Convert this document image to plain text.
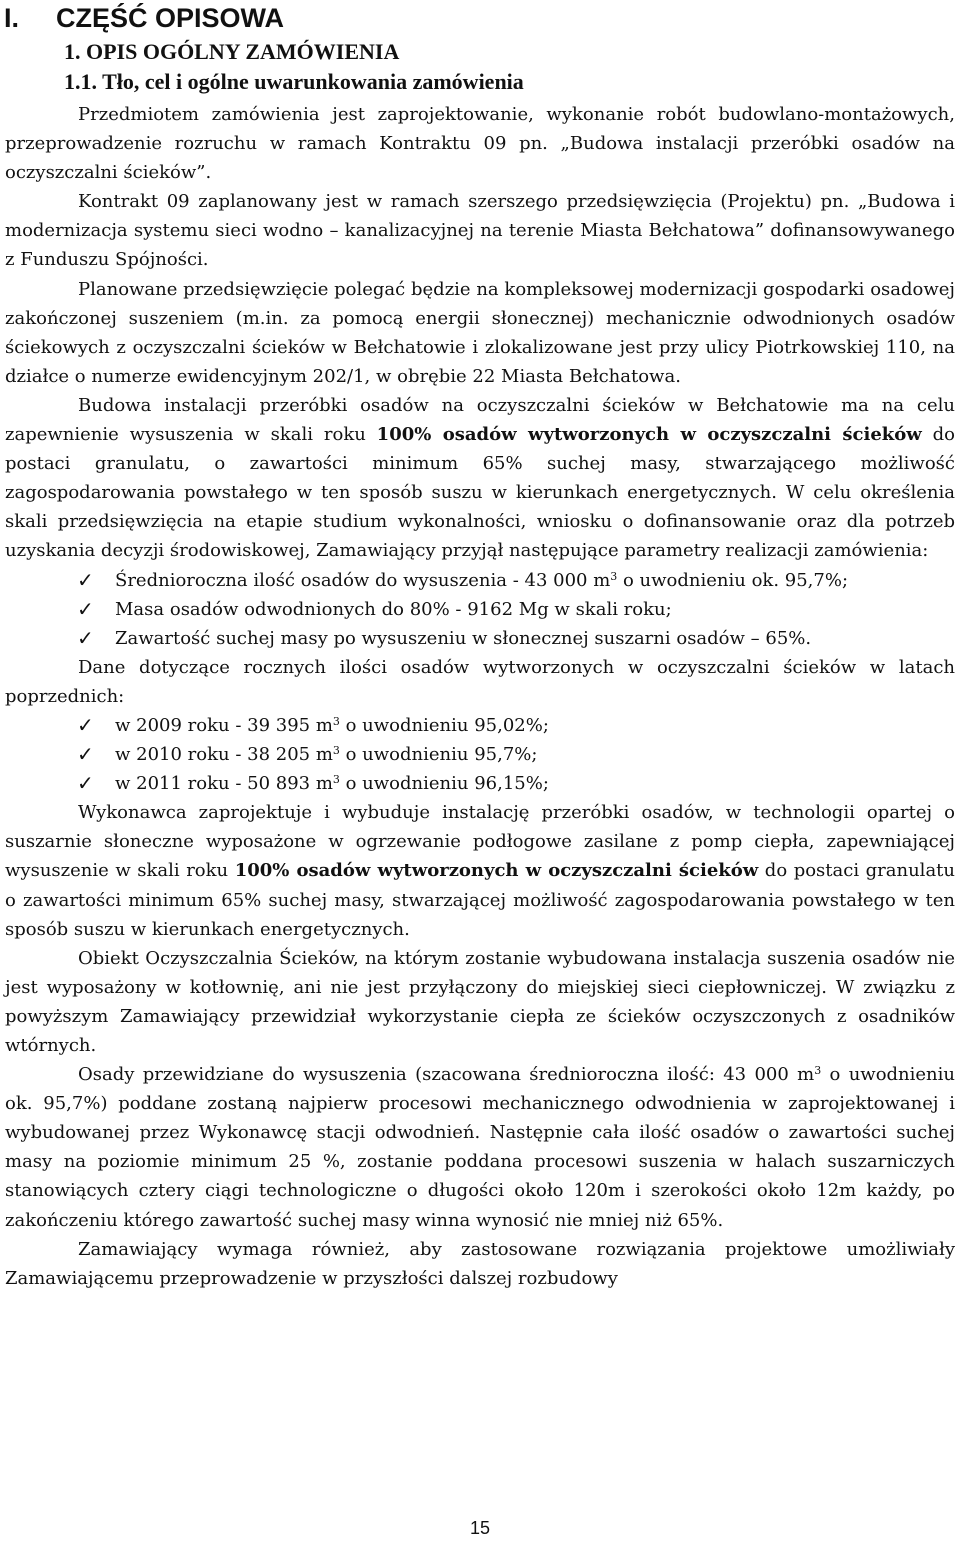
I. CZĘŚĆ OPISOWA
1. OPIS OGÓLNY ZAMÓWIENIA
1.1. Tło, cel i ogólne uwarunkowania zamówienia

Przedmiotem zamówienia jest zaprojektowanie, wykonanie robót budowlano-montażowych, przeprowadzenie rozruchu w ramach Kontraktu 09 pn. „Budowa instalacji przeróbki osadów na oczyszczalni ścieków”.

Kontrakt 09 zaplanowany jest w ramach szerszego przedsięwzięcia (Projektu) pn. „Budowa i modernizacja systemu sieci wodno – kanalizacyjnej na terenie Miasta Bełchatowa” dofinansowywanego z Funduszu Spójności.

Planowane przedsięwzięcie polegać będzie na kompleksowej modernizacji gospodarki osadowej zakończonej suszeniem (m.in. za pomocą energii słonecznej) mechanicznie odwodnionych osadów ściekowych z oczyszczalni ścieków w Bełchatowie i zlokalizowane jest przy ulicy Piotrkowskiej 110, na działce o numerze ewidencyjnym 202/1, w obrębie 22 Miasta Bełchatowa.

Budowa instalacji przeróbki osadów na oczyszczalni ścieków w Bełchatowie ma na celu zapewnienie wysuszenia w skali roku 100% osadów wytworzonych w oczyszczalni ścieków do postaci granulatu, o zawartości minimum 65% suchej masy, stwarzającego możliwość zagospodarowania powstałego w ten sposób suszu w kierunkach energetycznych. W celu określenia skali przedsięwzięcia na etapie studium wykonalności, wniosku o dofinansowanie oraz dla potrzeb uzyskania decyzji środowiskowej, Zamawiający przyjął następujące parametry realizacji zamówienia:

✓ Średnioroczna ilość osadów do wysuszenia - 43 000 $m^3$ o uwodnieniu ok. 95,7%;
✓ Masa osadów odwodnionych do 80% - 9162 Mg w skali roku;
✓ Zawartość suchej masy po wysuszeniu w słonecznej suszarni osadów – 65%.

Dane dotyczące rocznych ilości osadów wytworzonych w oczyszczalni ścieków w latach poprzednich:

✓ w 2009 roku - 39 395 $m^3$ o uwodnieniu 95,02%;
✓ w 2010 roku - 38 205 $m^3$ o uwodnieniu 95,7%;
✓ w 2011 roku - 50 893 $m^3$ o uwodnieniu 96,15%;

Wykonawca zaprojektuje i wybuduje instalację przeróbki osadów, w technologii opartej o suszarnie słoneczne wyposażone w ogrzewanie podłogowe zasilane z pomp ciepła, zapewniającej wysuszenie w skali roku 100% osadów wytworzonych w oczyszczalni ścieków do postaci granulatu o zawartości minimum 65% suchej masy, stwarzającej możliwość zagospodarowania powstałego w ten sposób suszu w kierunkach energetycznych.

Obiekt Oczyszczalnia Ścieków, na którym zostanie wybudowana instalacja suszenia osadów nie jest wyposażony w kotłownię, ani nie jest przyłączony do miejskiej sieci ciepłowniczej. W związku z powyższym Zamawiający przewidział wykorzystanie ciepła ze ścieków oczyszczonych z osadników wtórnych.

Osady przewidziane do wysuszenia (szacowana średnioroczna ilość: 43 000 $m^3$ o uwodnieniu ok. 95,7%) poddane zostaną najpierw procesowi mechanicznego odwodnienia w zaprojektowanej i wybudowanej przez Wykonawcę stacji odwodnień. Następnie cała ilość osadów o zawartości suchej masy na poziomie minimum 25 %, zostanie poddana procesowi suszenia w halach suszarniczych stanowiących cztery ciągi technologiczne o długości około 120m i szerokości około 12m każdy, po zakończeniu którego zawartość suchej masy winna wynosić nie mniej niż 65%.

Zamawiający wymaga również, aby zastosowane rozwiązania projektowe umożliwiały Zamawiającemu przeprowadzenie w przyszłości dalszej rozbudowy

15
